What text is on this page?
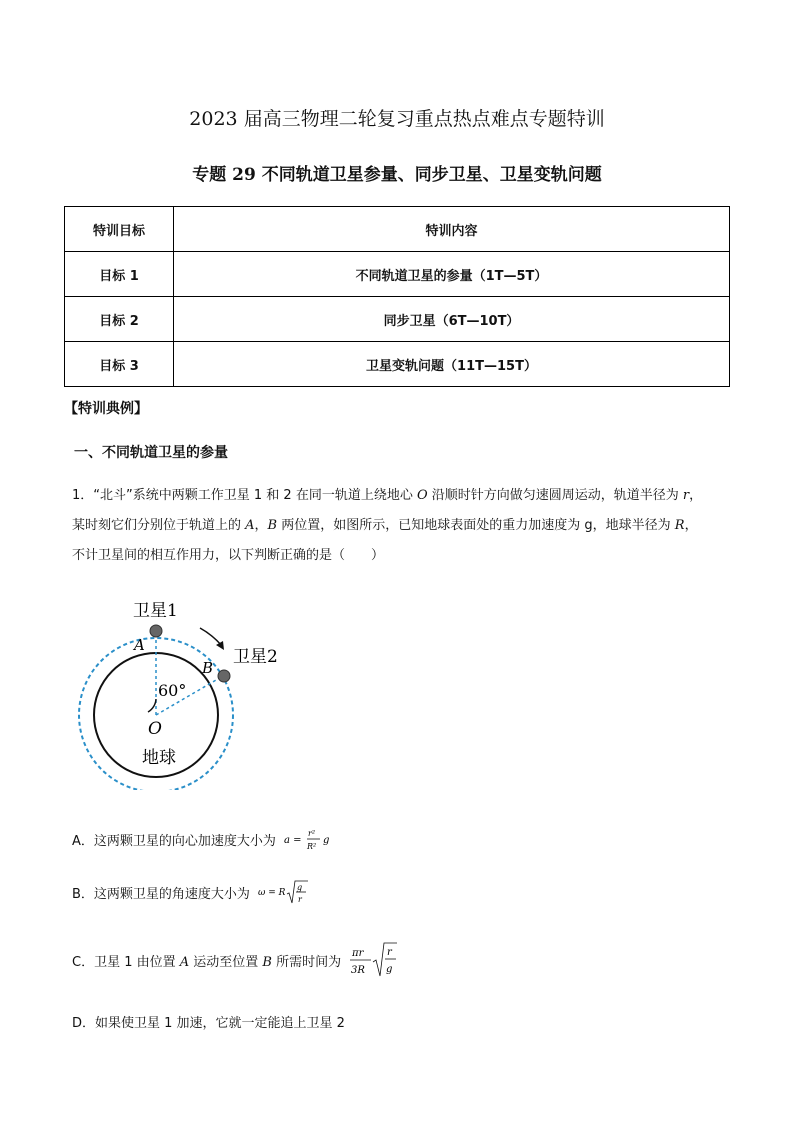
2023 届高三物理二轮复习重点热点难点专题特训
专题 29 不同轨道卫星参量、同步卫星、卫星变轨问题
特训目标	特训内容
目标 1	不同轨道卫星的参量（1T—5T）
目标 2	同步卫星（6T—10T）
目标 3	卫星变轨问题（11T—15T）
【特训典例】
一、不同轨道卫星的参量
1．“北斗”系统中两颗工作卫星 1 和 2 在同一轨道上绕地心 O 沿顺时针方向做匀速圆周运动，轨道半径为 r，
某时刻它们分别位于轨道上的 A，B 两位置，如图所示，已知地球表面处的重力加速度为 g，地球半径为 R，
不计卫星间的相互作用力，以下判断正确的是（　　）
卫星1
卫星2
A
B
60°
O
地球
A．这两颗卫星的向心加速度大小为 a =
r²
R²
g
B．这两颗卫星的角速度大小为 ω = R
g
r
C．卫星 1 由位置 A 运动至位置 B 所需时间为
πr
3R
r
g
D．如果使卫星 1 加速，它就一定能追上卫星 2
